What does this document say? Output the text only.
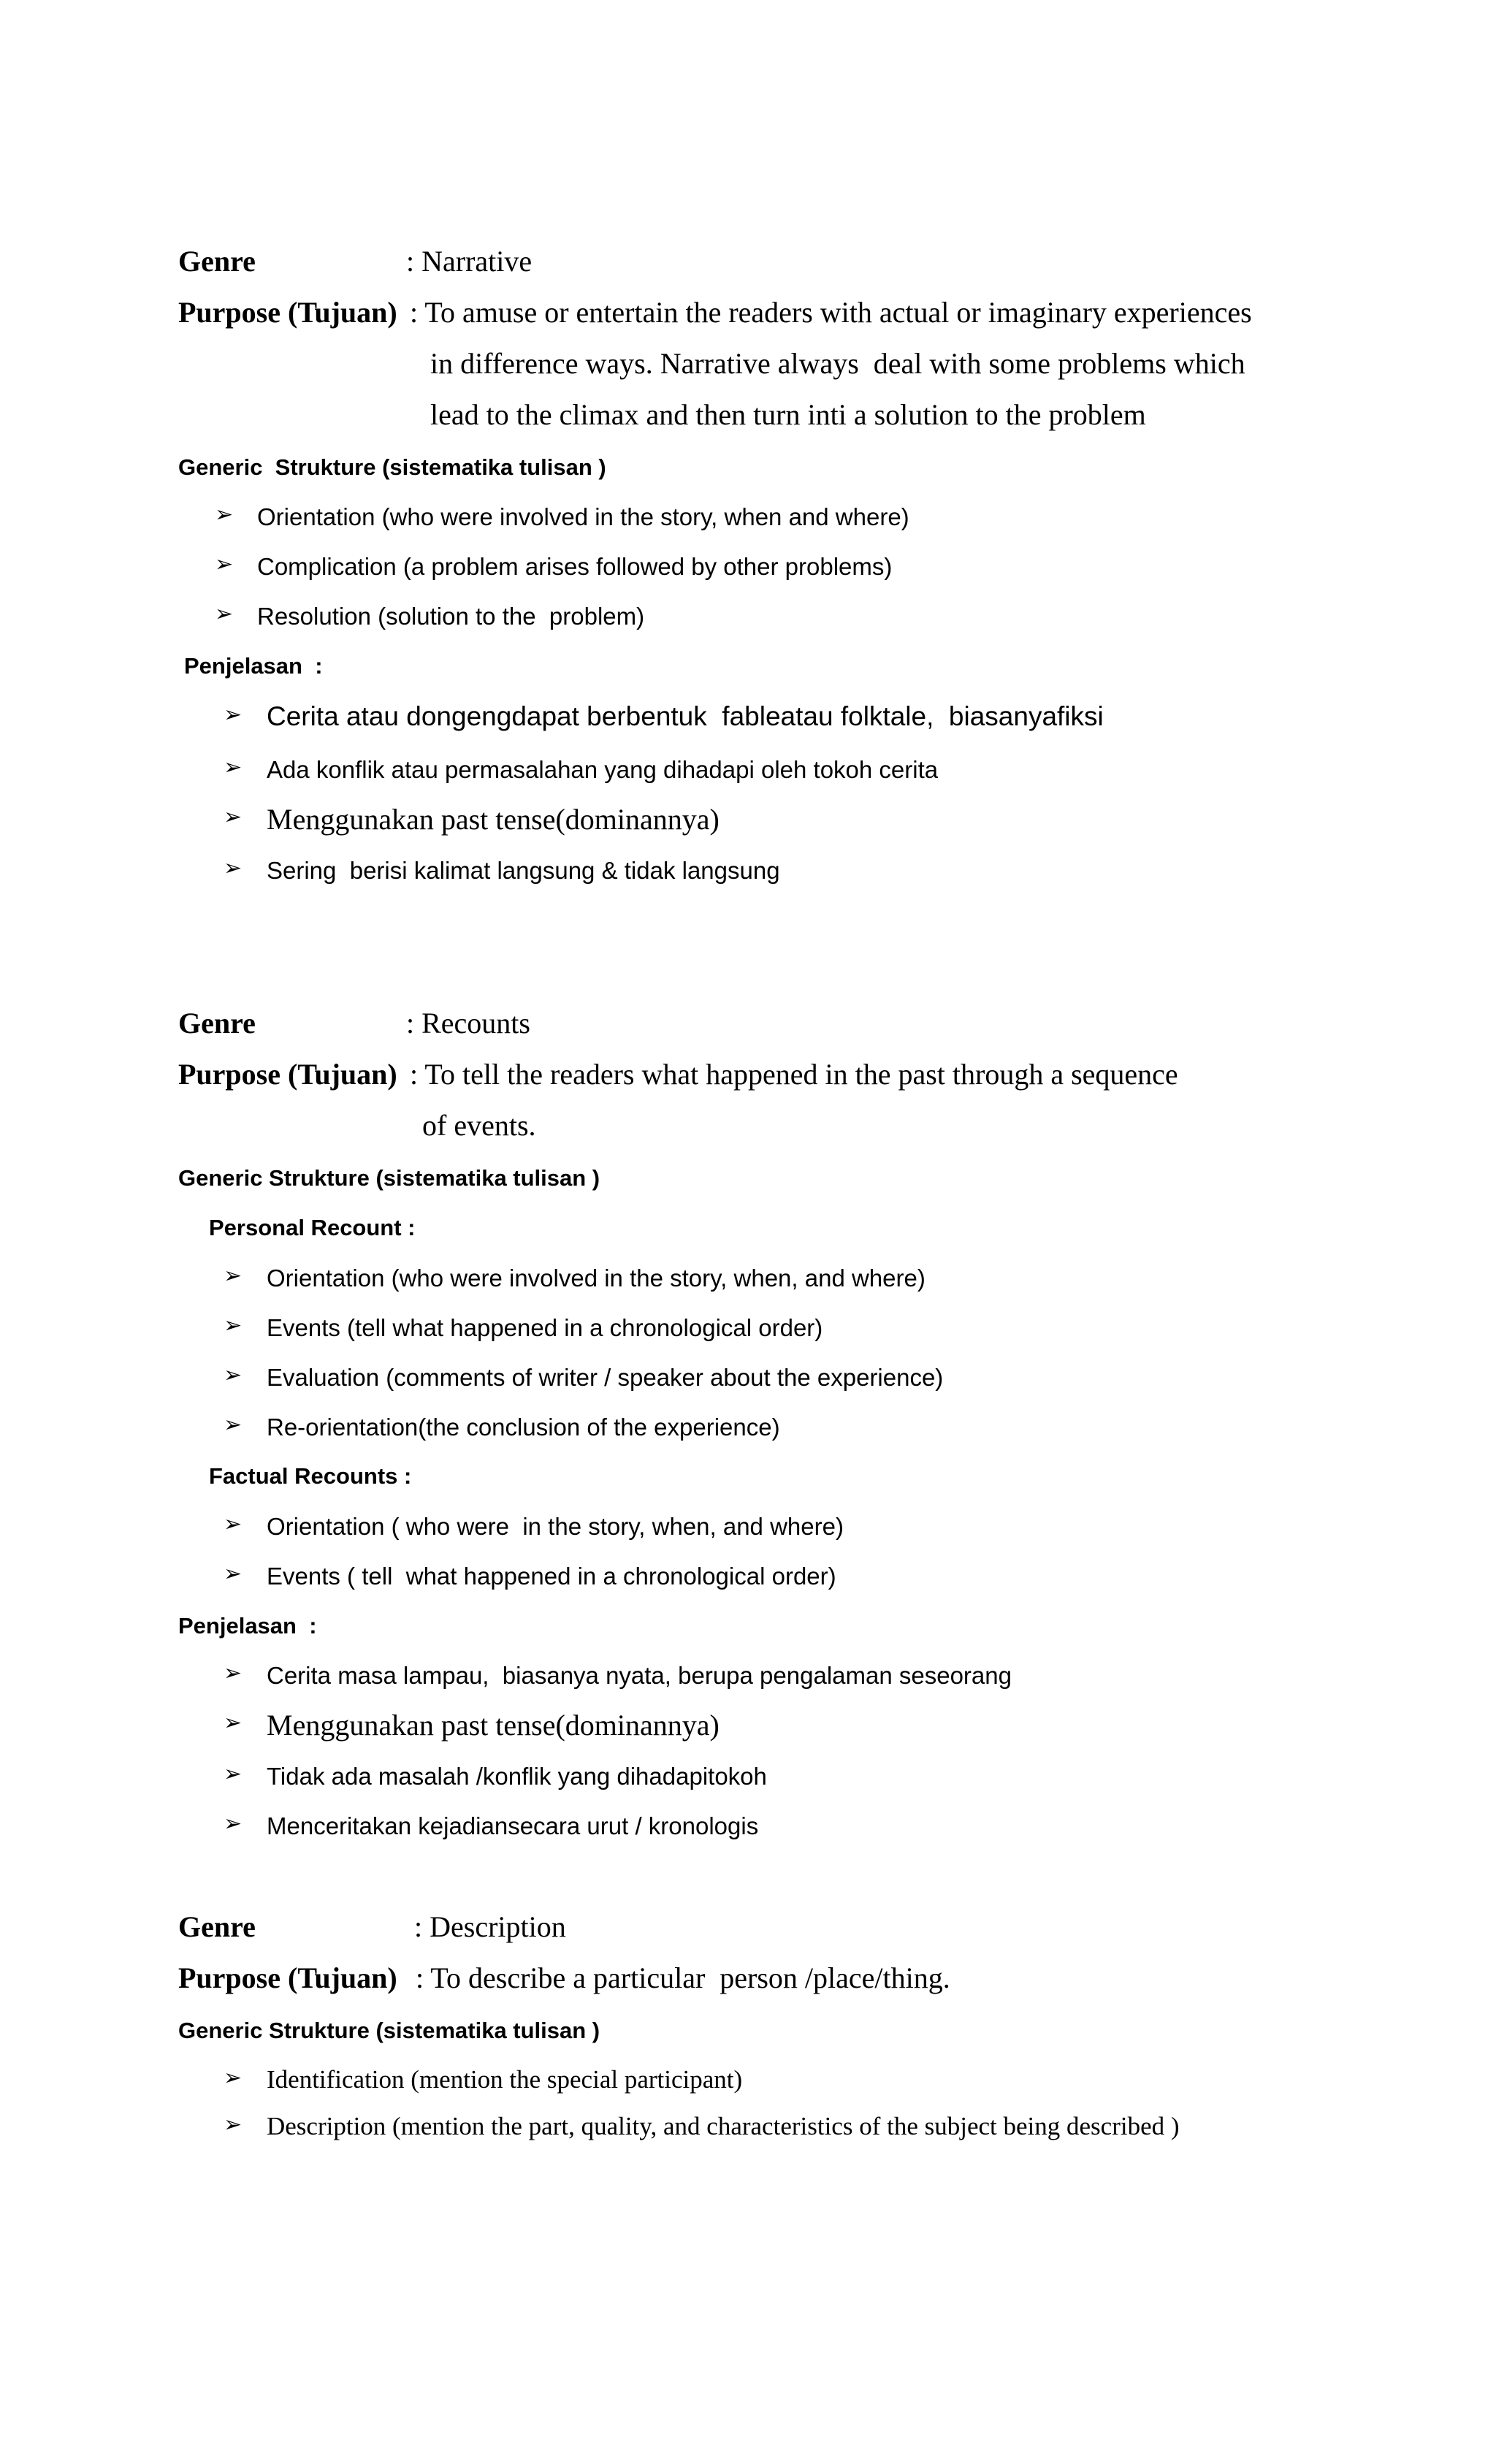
Genre	: Narrative
Purpose (Tujuan) : To amuse or entertain the readers with actual or imaginary experiences
in difference ways. Narrative always  deal with some problems which
lead to the climax and then turn inti a solution to the problem
Generic  Strukture (sistematika tulisan )
➢ Orientation (who were involved in the story, when and where)
➢ Complication (a problem arises followed by other problems)
➢ Resolution (solution to the  problem)
Penjelasan  :
➢ Cerita atau dongengdapat berbentuk  fableatau folktale,  biasanyafiksi
➢ Ada konflik atau permasalahan yang dihadapi oleh tokoh cerita
➢ Menggunakan past tense(dominannya)
➢ Sering  berisi kalimat langsung & tidak langsung
Genre	: Recounts
Purpose (Tujuan) : To tell the readers what happened in the past through a sequence
of events.
Generic Strukture (sistematika tulisan )
Personal Recount :
➢ Orientation (who were involved in the story, when, and where)
➢ Events (tell what happened in a chronological order)
➢ Evaluation (comments of writer / speaker about the experience)
➢ Re-orientation(the conclusion of the experience)
Factual Recounts :
➢ Orientation ( who were  in the story, when, and where)
➢ Events ( tell  what happened in a chronological order)
Penjelasan  :
➢ Cerita masa lampau,  biasanya nyata, berupa pengalaman seseorang
➢ Menggunakan past tense(dominannya)
➢ Tidak ada masalah /konflik yang dihadapitokoh
➢ Menceritakan kejadiansecara urut / kronologis
Genre	: Description
Purpose (Tujuan) : To describe a particular  person /place/thing.
Generic Strukture (sistematika tulisan )
➢ Identification (mention the special participant)
➢ Description (mention the part, quality, and characteristics of the subject being described )
